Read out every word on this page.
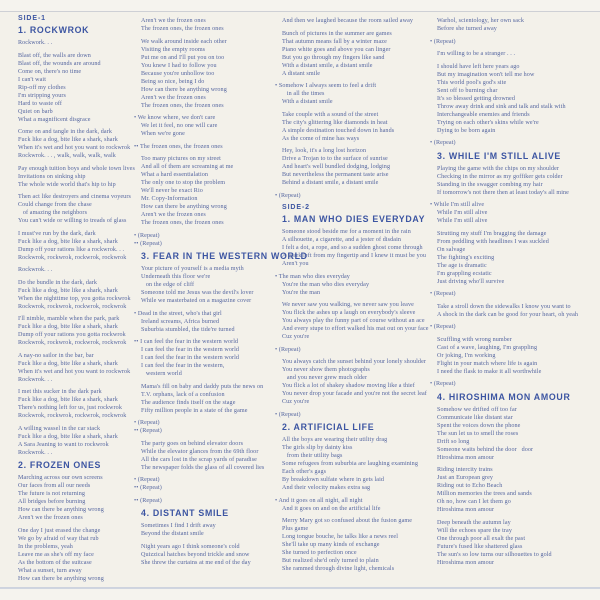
SIDE-1
1. ROCKWROK
Rockwork. . .
Blast off, the walls are down
Blast off, the wounds are around
Come on, there's no time
I can't wait
Rip-off my clothes
I'm stripping yours
Hard to waste off
Quiet on barb
What a magnificent disgrace
Come on and tangle in the dark, dark
Fuck like a dog, bite like a shark, shark
When it's wet and hot you want to rockwrok
Rockwrok. . . , walk, walk, walk, walk
Pay enough tuition boys and whole town lives
Invitations on sinking ship
The whole wide world that's hip to hip
Then act like destroyers and cinema voyeurs
Could change from the chase
of amazing the neighbors
You can't wide or willing to treads of glass
I must've run by the dark, dark
Fuck like a dog, bite like a shark, shark
Dump off your rations like a rockwrok. . .
Rockwrok, rockwrok, rockwrok, rockwrok
Rockwrok. . .
Do the bundle in the dark, dark
Fuck like a dog, bite like a shark, shark
When the nighttime top, you gotta rockwrok
Rockwrok, rockwrok, rockwrok, rockwrok
I'll nimble, mamble when the park, park
Fuck like a dog, bite like a shark, shark
Dump off your rations you gotta rockwrok
Rockwrok, rockwrok, rockwrok, rockwrok
A nay-no sailor in the bar, bar
Fuck like a dog, bite like a shark, shark
When it's wet and hot you want to rockwrok
Rockwrok. . .
I met this sucker in the dark park
Fuck like a dog, bite like a shark, shark
There's nothing left for us, just rockwrok
Rockwrok, rockwrok, rockwrok, rockwrok
A willing wassel in the car stack
Fuck like a dog, bite like a shark, shark
A Sara Jeaning to want to rockwrok
Rockwrok. . .
2. FROZEN ONES
Marching across our own screens
Our faces from all our needs
The future is not returning
All bridges before burning
How can there be anything wrong
Aren't we the frozen ones
One day I just erased the change
We go by afraid of way that rub
In the problems, yeah
Leave me as she's off my face
As the bottom of the suitcase
What a sunset, turn away
How can there be anything wrong
Aren't we the frozen ones
The frozen ones, the frozen ones
We walk around inside each other
Visiting the empty rooms
Put me on and I'll put you on too
You knew I had to follow you
Because you're unhollow too
Being so nice, being I do
How can there be anything wrong
Aren't we the frozen ones
The frozen ones, the frozen ones
• We know where, we don't care
We let it feel, no one will care
When we're gone
•• The frozen ones, the frozen ones
Too many pictures on my street
And all of them are screaming at me
What a hard essentialation
The only one to stop the problem
We'll never be exact Rio
Mr. Copy-Information
How can there be anything wrong
Aren't we the frozen ones
The frozen ones, the frozen ones
• (Repeat)
•• (Repeat)
3. FEAR IN THE WESTERN WORLD
Your picture of yourself is a media myth
Underneath this floor we're
on the edge of cliff
Someone told me Jesus was the devil's lover
While we masterbated on a magazine cover
• Dead in the street, who's that girl
Ireland screams, Africa burned
Suburbia stumbled, the tide're turned
•• I can feel the fear in the western world
I can feel the fear in the western world
I can feel the fear in the western world
I can feel the fear in the western,
western world
Mama's fill on baby and daddy puts the news on
T.V. orphans, lack of a confusion
The audience finds itself on the stage
Fifty million people in a state of the game
• (Repeat)
•• (Repeat)
The party goes on behind elevator doors
While the elevator glances from the 69th floor
All the cars lost in the scrap yards of paradise
The newspaper folds the glass of all covered lies
• (Repeat)
•• (Repeat)
•• (Repeat)
4. DISTANT SMILE
Sometimes I find I drift away
Beyond the distant smile
Night years ago I think someone's cold
Quizzical hatches beyond trickle and snow
She threw the curtains at me end of the day
And then we laughed because the room sailed away
Bunch of pictures in the summer are games
That autumn means fall by a winter maze
Piano white goes and above you can linger
But you go through my fingers like sand
With a distant smile, a distant smile
A distant smile
• Somehow I always seem to feel a drift
in all the times
With a distant smile
Take couple with a sound of the street
The city's glittering like diamonds in heat
A simple destination touched down in hands
As the come of mine has ways
Hey, look, it's a long lost horizon
Drive a Trojan to to the surface of sunrise
And heart's well bundled dodging, lodging
But nevertheless the permanent taste arise
Behind a distant smile, a distant smile
• (Repeat)
SIDE-2
1. MAN WHO DIES EVERYDAY
Someone stood beside me for a moment in the rain
A silhouette, a cigarette, and a jester of disdain
I felt a dot, a rope, and so a sudden ghost come through
A spark left from my fingertip and I knew it must be you
Aren't you
• The man who dies everyday
You're the man who dies everyday
You're the man
We never saw you walking, we never saw you leave
You flick the ashes up a laugh on everybody's sleeve
You always play the funny part of course without an ace
And every stupe to effort walked his mat out on your face
Cuz you're
• (Repeat)
You always catch the sunset behind your lonely shoulder
You never show them photographs
and you never grew much older
You flick a lot of shakey shadow moving like a thief
You never drop your facade and you're not the secret leaf
Cuz you're
• (Repeat)
2. ARTIFICIAL LIFE
All the boys are wearing their utility drag
The girls slip by dainty kiss
from their utility bags
Some refugees from suburbia are laughing examining
Each other's gags
By breakdown sulfate where in gets laid
And their velocity makes extra sag
• And it goes on all night, all night
And it goes on and on the artificial life
Merry Mary got so confused about the fusion game
Plus game
Long tongue bouche, he talks like a news reel
She'll take up many kinds of exchange
She turned to perfection once
But realized she'd only turned to plain
She rammed through divine light, chemicals
Warhol, scientology, her own sack
Before she turned away
• (Repeat)
I'm willing to be a stranger . . .
I should have left here years ago
But my imagination won't tell me how
This world pool's god's site
Sent off to burning char
It's so blessed getting drowned
Throw away drink and sink and talk and stalk with
Interchangeable enemies and friends
Trying on each other's skins while we're
Dying to be born again
• (Repeat)
3. WHILE I'M STILL ALIVE
Playing the game with the chips on my shoulder
Checking in the mirror as my goffiker gets colder
Standing in the swagger combing my hair
If tomorrow's not there then at least today's all mine
• While I'm still alive
While I'm still alive
While I'm still alive
Strutting my stuff I'm bragging the damage
From peddling with headlines I was suckled
On salvage
The fighting's exciting
The age is dramatic
I'm grappling ecstatic
Just driving who'll survive
• (Repeat)
Take a stroll down the sidewalks I know you want to
A shock in the dark can be good for your heart, oh yeah
• (Repeat)
Scuffling with wrong number
Cast of a wave, laughing, I'm grappling
Or joking, I'm working
Flight in your match where life is again
I need the flask to make it all worthwhile
• (Repeat)
4. HIROSHIMA MON AMOUR
Somehow we drifted off too far
Communicate like distant star
Spent the voices down the phone
The sun let us to smell the roses
Drift so long
Someone waits behind the door   door
Hiroshima mon amour
Riding intercity trains
Just an European grey
Riding out to Echo Beach
Million memories the trees and sands
Oh no, how can I let them go
Hiroshima mon amour
Deep beneath the autumn lay
Will the echoes spare the tray
One through poor all exalt the past
Future's fused like shattered glass
The sun's so low turns our silhouettes to gold
Hiroshima mon amour
